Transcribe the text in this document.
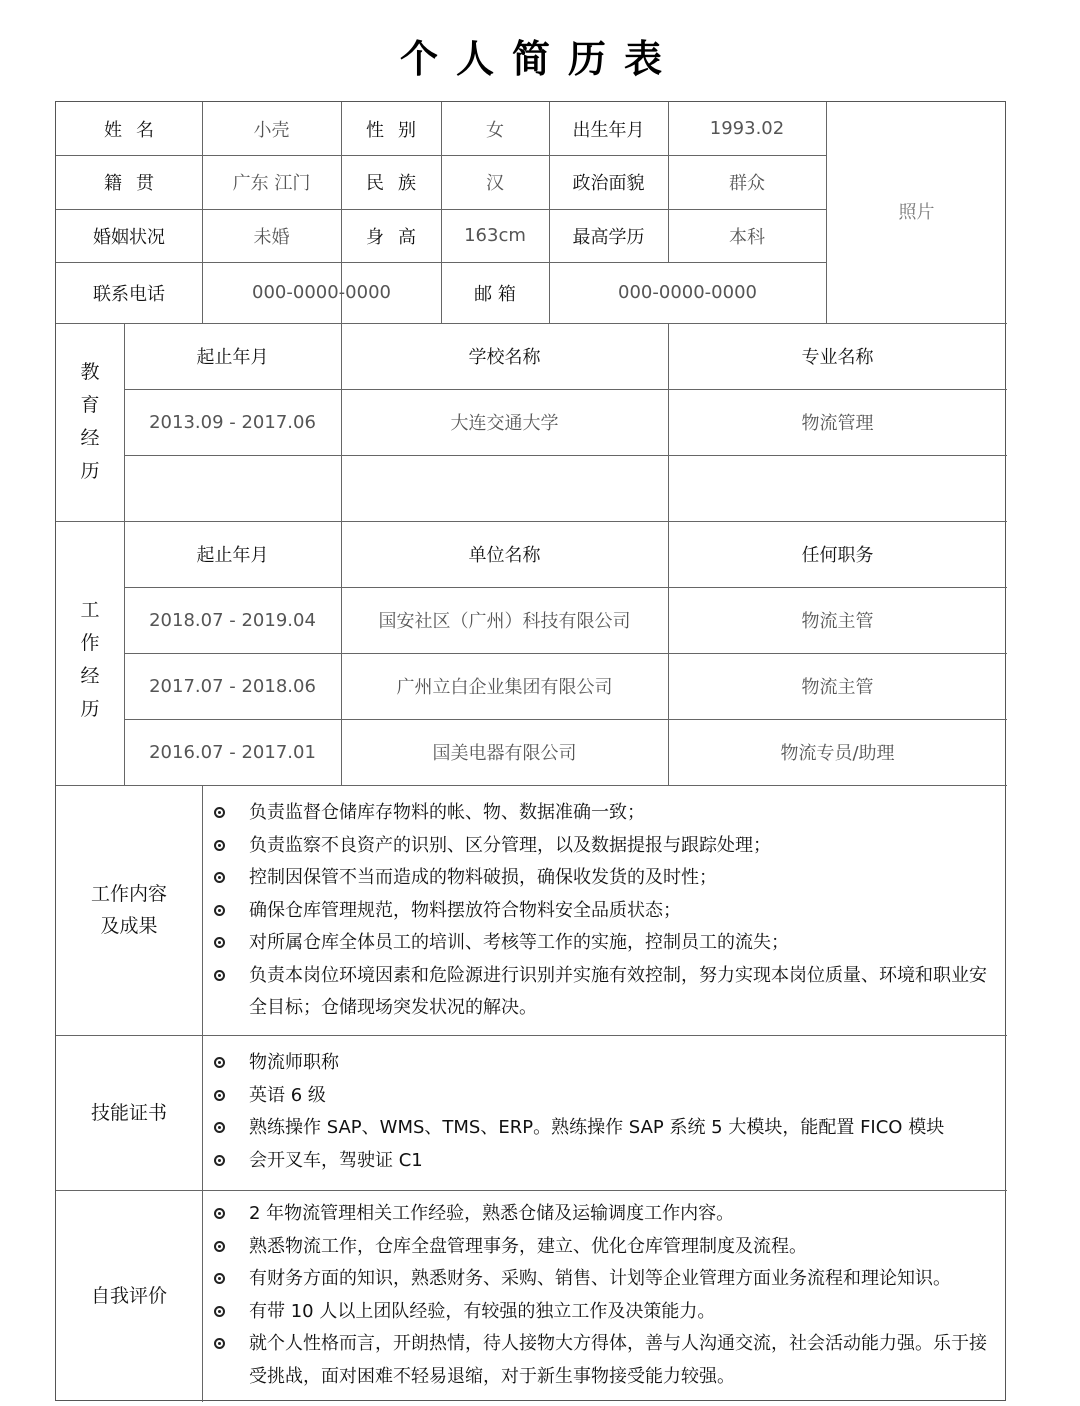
个人简历表
姓名	小壳	性别	女	出生年月	1993.02
籍贯	广东 江门	民族	汉	政治面貌	群众
婚姻状况	未婚	身高	163cm	最高学历	本科
联系电话	000-0000-0000	邮 箱	000-0000-0000
照片
教
育
经
历
起止年月	学校名称	专业名称
2013.09 - 2017.06	大连交通大学	物流管理
工
作
经
历
起止年月	单位名称	任何职务
2018.07 - 2019.04	国安社区（广州）科技有限公司	物流主管
2017.07 - 2018.06	广州立白企业集团有限公司	物流主管
2016.07 - 2017.01	国美电器有限公司	物流专员/助理
工作内容
及成果
负责监督仓储库存物料的帐、物、数据准确一致；
负责监察不良资产的识别、区分管理，以及数据提报与跟踪处理；
控制因保管不当而造成的物料破损，确保收发货的及时性；
确保仓库管理规范，物料摆放符合物料安全品质状态；
对所属仓库全体员工的培训、考核等工作的实施，控制员工的流失；
负责本岗位环境因素和危险源进行识别并实施有效控制，努力实现本岗位质量、环境和职业安全目标；仓储现场突发状况的解决。
技能证书
物流师职称
英语 6 级
熟练操作 SAP、WMS、TMS、ERP。熟练操作 SAP 系统 5 大模块，能配置 FICO 模块
会开叉车，驾驶证 C1
自我评价
2 年物流管理相关工作经验，熟悉仓储及运输调度工作内容。
熟悉物流工作，仓库全盘管理事务，建立、优化仓库管理制度及流程。
有财务方面的知识，熟悉财务、采购、销售、计划等企业管理方面业务流程和理论知识。
有带 10 人以上团队经验，有较强的独立工作及决策能力。
就个人性格而言，开朗热情，待人接物大方得体，善与人沟通交流，社会活动能力强。乐于接受挑战，面对困难不轻易退缩，对于新生事物接受能力较强。
